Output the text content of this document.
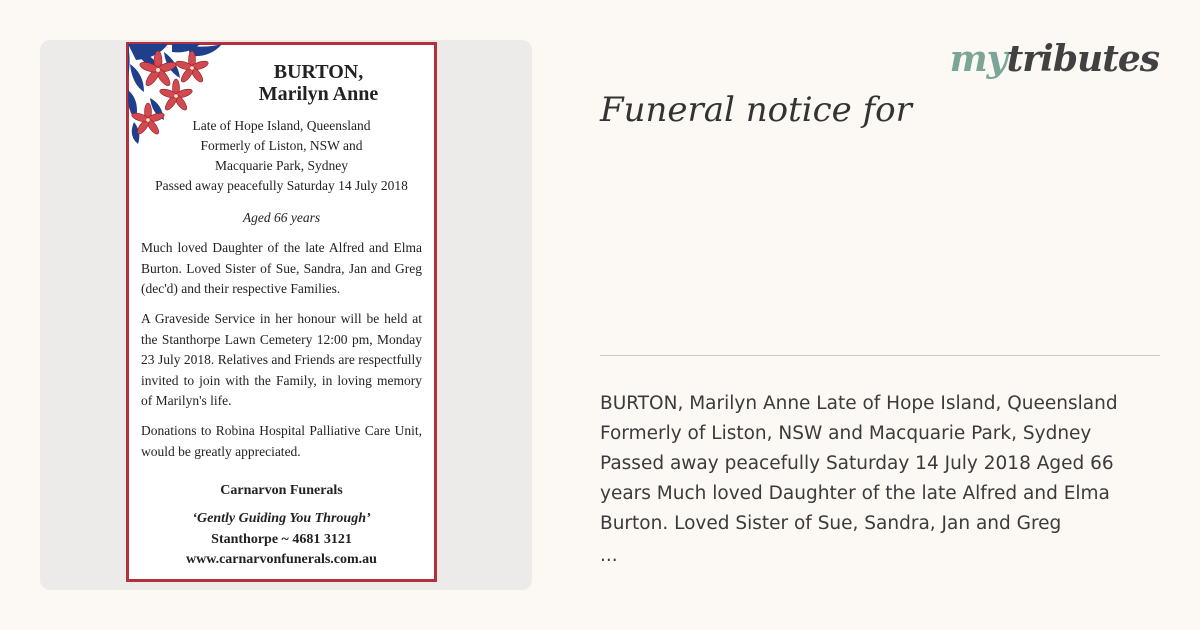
BURTON,
Marilyn Anne
Late of Hope Island, Queensland
Formerly of Liston, NSW and
Macquarie Park, Sydney
Passed away peacefully Saturday 14 July 2018
Aged 66 years
Much loved Daughter of the late Alfred and Elma Burton. Loved Sister of Sue, Sandra, Jan and Greg (dec'd) and their respective Families.
A Graveside Service in her honour will be held at the Stanthorpe Lawn Cemetery 12:00 pm, Monday 23 July 2018. Relatives and Friends are respectfully invited to join with the Family, in loving memory of Marilyn's life.
Donations to Robina Hospital Palliative Care Unit, would be greatly appreciated.
Carnarvon Funerals
‘Gently Guiding You Through’
Stanthorpe ~ 4681 3121
www.carnarvonfunerals.com.au
mytributes
Funeral notice for
BURTON, Marilyn Anne Late of Hope Island, Queensland Formerly of Liston, NSW and Macquarie Park, Sydney Passed away peacefully Saturday 14 July 2018 Aged 66 years Much loved Daughter of the late Alfred and Elma Burton. Loved Sister of Sue, Sandra, Jan and Greg
...
